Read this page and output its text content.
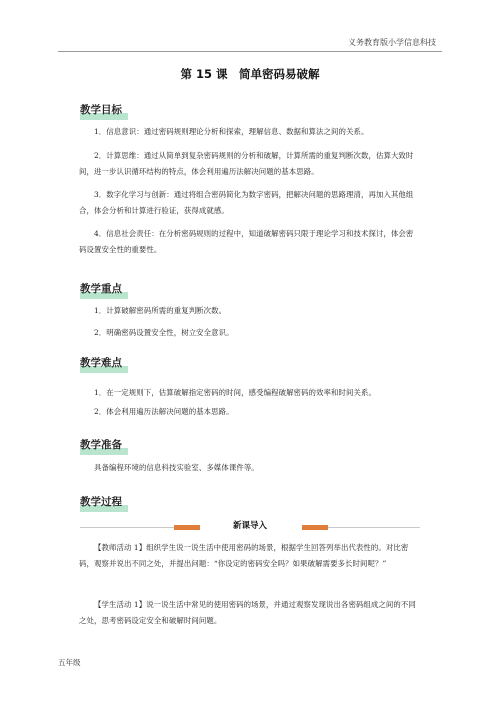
义务教育版小学信息科技
第 15 课　简单密码易破解
教学目标

1．信息意识：通过密码规则理论分析和探索，理解信息、数据和算法之间的关系。

2．计算思维：通过从简单到复杂密码规则的分析和破解，计算所需的重复判断次数，估算大致时间，进一步认识循环结构的特点，体会利用遍历法解决问题的基本思路。

3．数字化学习与创新：通过将组合密码简化为数字密码，把解决问题的思路理清，再加入其他组合，体会分析和计算进行验证，获得成就感。

4．信息社会责任：在分析密码规则的过程中，知道破解密码只限于理论学习和技术探讨，体会密码设置安全性的重要性。

教学重点

1．计算破解密码所需的重复判断次数。

2．明确密码设置安全性，树立安全意识。

教学难点

1．在一定规则下，估算破解指定密码的时间，感受编程破解密码的效率和时间关系。

2．体会利用遍历法解决问题的基本思路。

教学准备

具备编程环境的信息科技实验室、多媒体课件等。

教学过程
新课导入

【教师活动 1】组织学生说一说生活中使用密码的场景，根据学生回答列举出代表性的。对比密码，观察并说出不同之处，并提出问题：“你设定的密码安全吗？如果破解需要多长时间呢？”

【学生活动 1】说一说生活中常见的使用密码的场景，并通过观察发现说出各密码组成之间的不同之处，思考密码设定安全和破解时间问题。

五年级
